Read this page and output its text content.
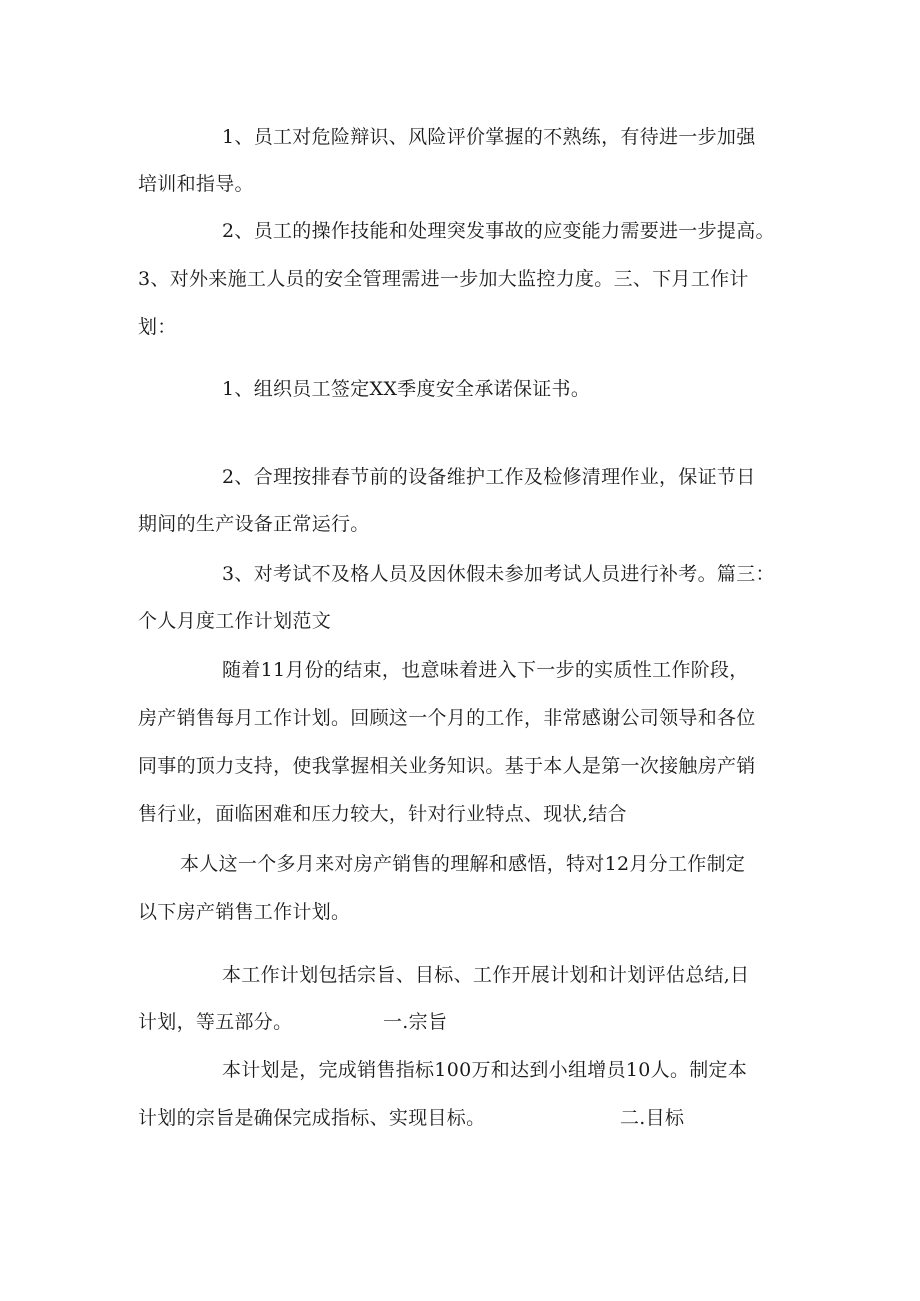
1、员工对危险辩识、风险评价掌握的不熟练，有待进一步加强
培训和指导。
2、员工的操作技能和处理突发事故的应变能力需要进一步提高。
3、对外来施工人员的安全管理需进一步加大监控力度。三、下月工作计
划：
1、组织员工签定XX季度安全承诺保证书。
2、合理按排春节前的设备维护工作及检修清理作业，保证节日
期间的生产设备正常运行。
3、对考试不及格人员及因休假未参加考试人员进行补考。篇三：
个人月度工作计划范文
随着11月份的结束，也意味着进入下一步的实质性工作阶段，
房产销售每月工作计划。回顾这一个月的工作，非常感谢公司领导和各位
同事的顶力支持，使我掌握相关业务知识。基于本人是第一次接触房产销
售行业，面临困难和压力较大，针对行业特点、现状,结合
本人这一个多月来对房产销售的理解和感悟，特对12月分工作制定
以下房产销售工作计划。
本工作计划包括宗旨、目标、工作开展计划和计划评估总结,日
计划，等五部分。	一.宗旨
本计划是，完成销售指标100万和达到小组增员10人。制定本
计划的宗旨是确保完成指标、实现目标。	二.目标
